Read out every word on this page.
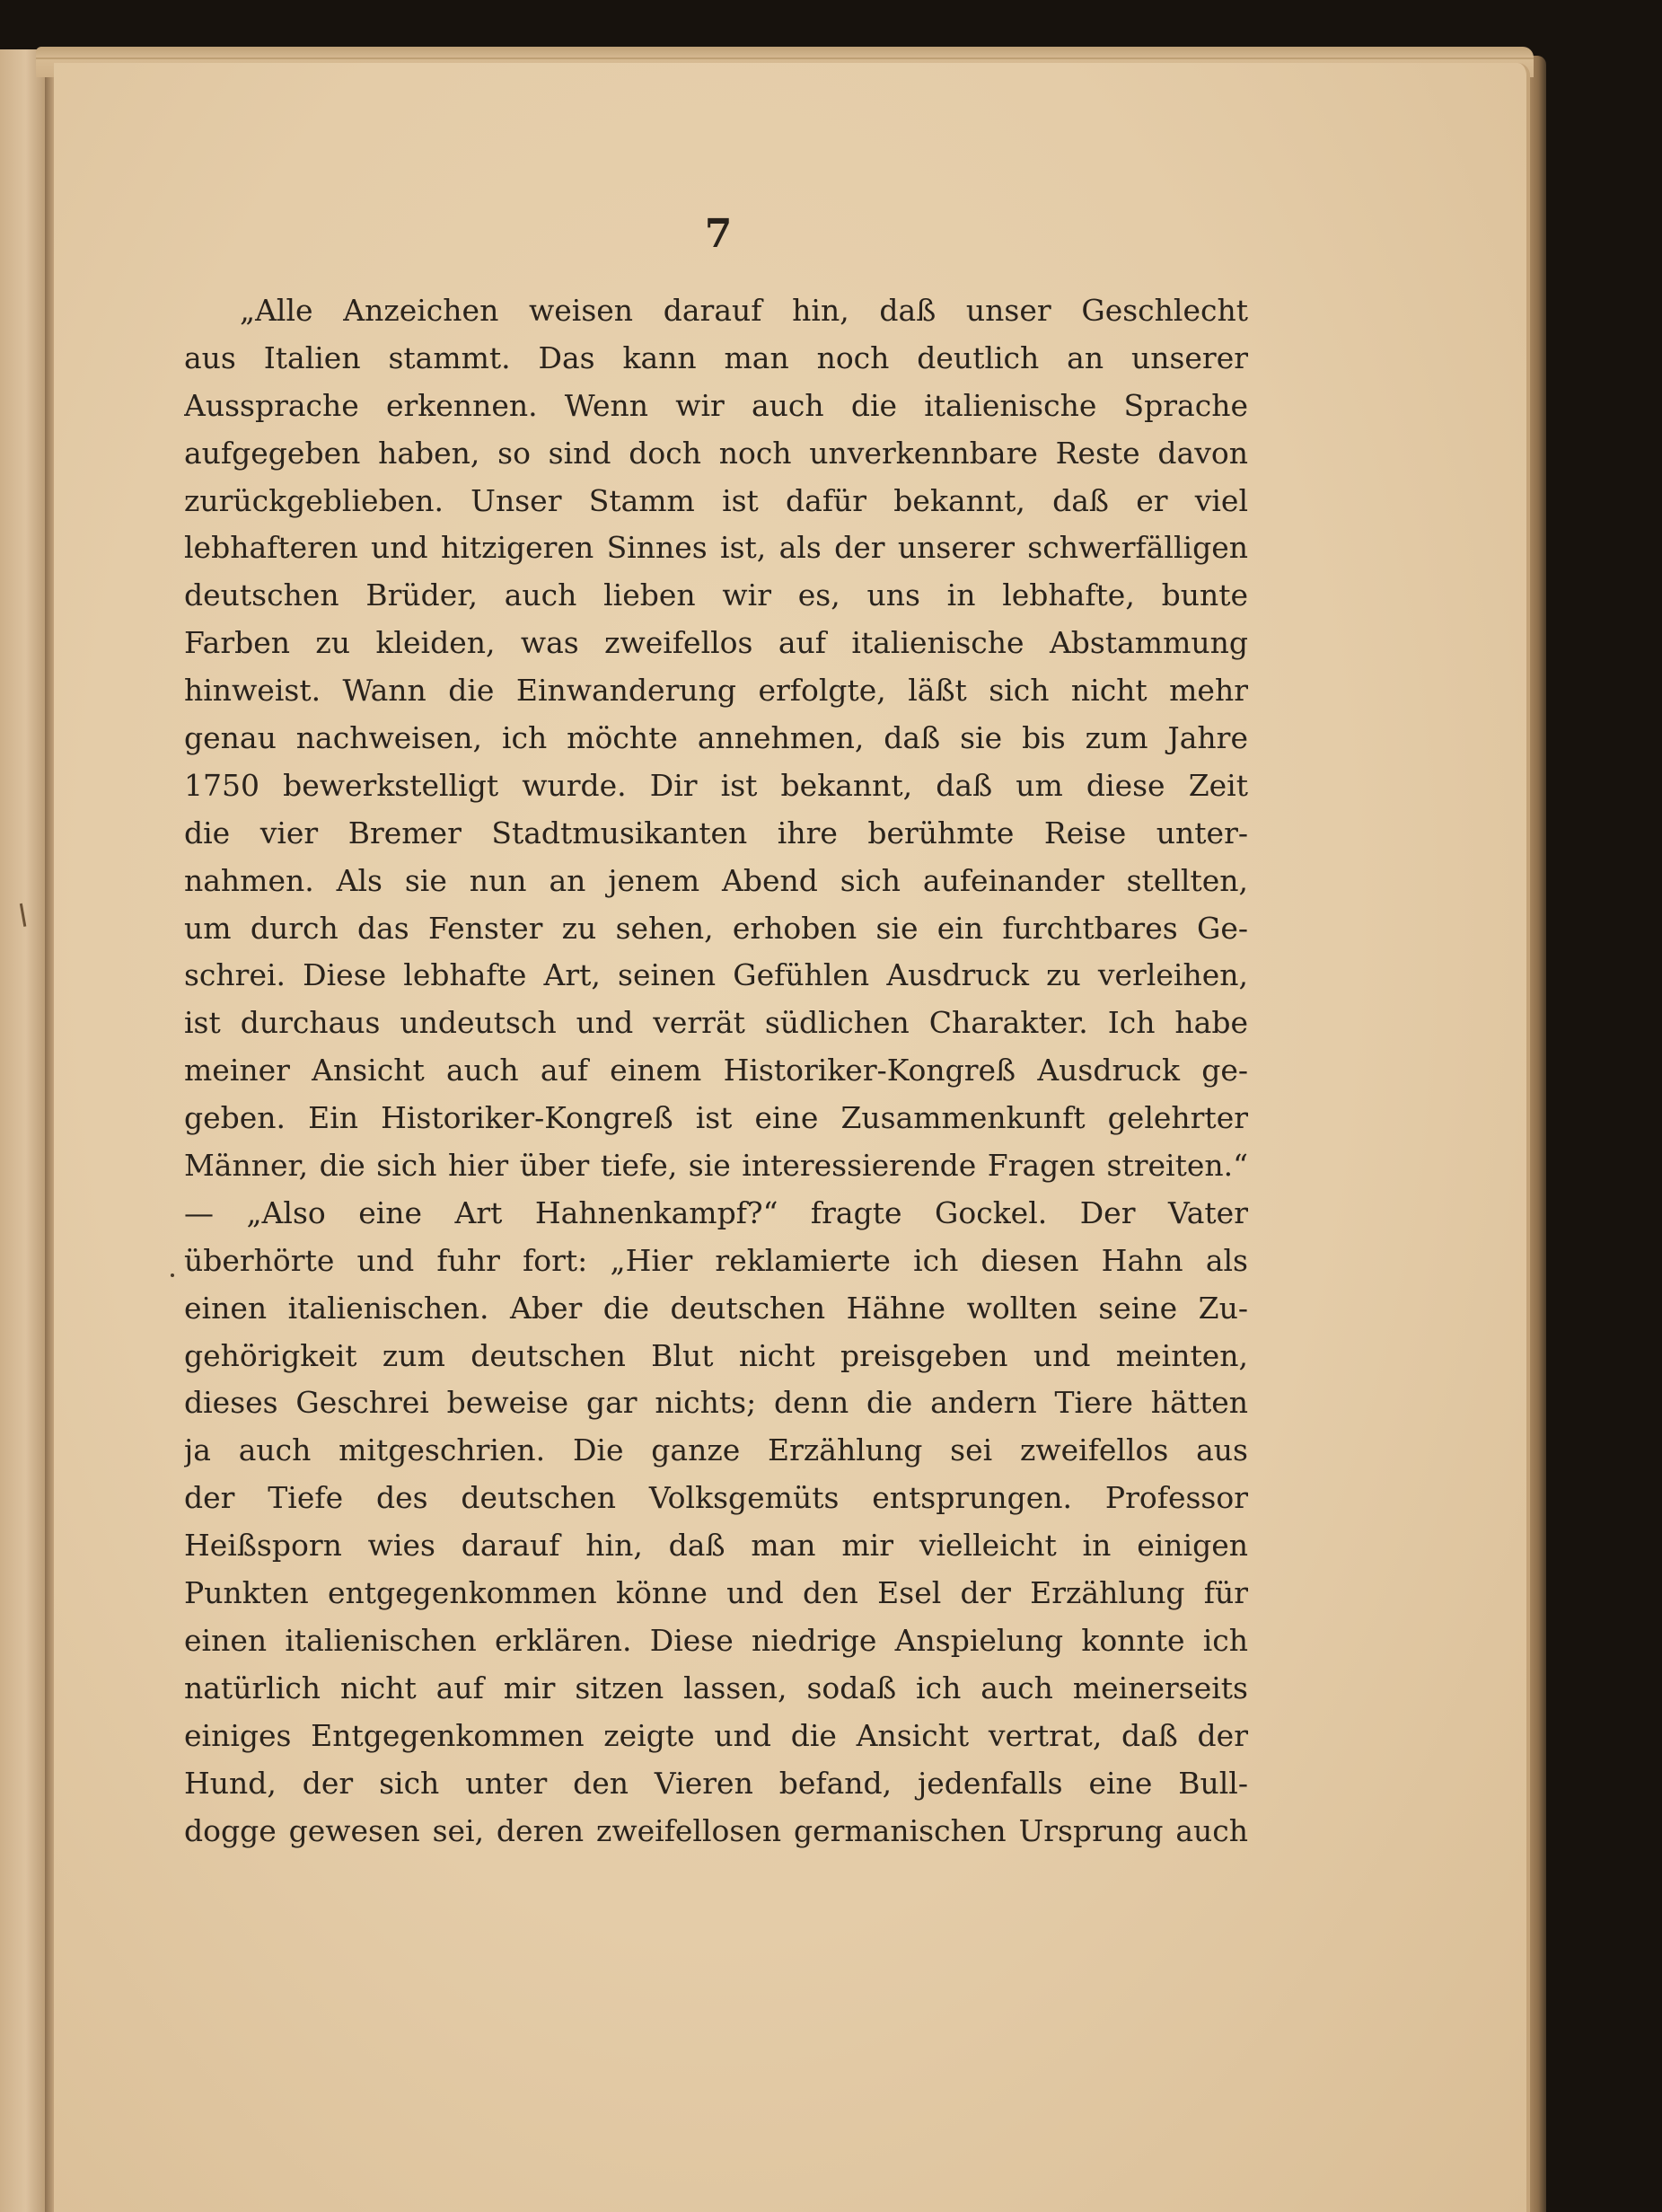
7
„Alle Anzeichen weisen darauf hin, daß unser Geschlecht
aus Italien stammt. Das kann man noch deutlich an unserer
Aussprache erkennen. Wenn wir auch die italienische Sprache
aufgegeben haben, so sind doch noch unverkennbare Reste davon
zurückgeblieben. Unser Stamm ist dafür bekannt, daß er viel
lebhafteren und hitzigeren Sinnes ist, als der unserer schwerfälligen
deutschen Brüder, auch lieben wir es, uns in lebhafte, bunte
Farben zu kleiden, was zweifellos auf italienische Abstammung
hinweist. Wann die Einwanderung erfolgte, läßt sich nicht mehr
genau nachweisen, ich möchte annehmen, daß sie bis zum Jahre
1750 bewerkstelligt wurde. Dir ist bekannt, daß um diese Zeit
die vier Bremer Stadtmusikanten ihre berühmte Reise unter-
nahmen. Als sie nun an jenem Abend sich aufeinander stellten,
um durch das Fenster zu sehen, erhoben sie ein furchtbares Ge-
schrei. Diese lebhafte Art, seinen Gefühlen Ausdruck zu verleihen,
ist durchaus undeutsch und verrät südlichen Charakter. Ich habe
meiner Ansicht auch auf einem Historiker-Kongreß Ausdruck ge-
geben. Ein Historiker-Kongreß ist eine Zusammenkunft gelehrter
Männer, die sich hier über tiefe, sie interessierende Fragen streiten.“
— „Also eine Art Hahnenkampf?“ fragte Gockel. Der Vater
überhörte und fuhr fort: „Hier reklamierte ich diesen Hahn als
einen italienischen. Aber die deutschen Hähne wollten seine Zu-
gehörigkeit zum deutschen Blut nicht preisgeben und meinten,
dieses Geschrei beweise gar nichts; denn die andern Tiere hätten
ja auch mitgeschrien. Die ganze Erzählung sei zweifellos aus
der Tiefe des deutschen Volksgemüts entsprungen. Professor
Heißsporn wies darauf hin, daß man mir vielleicht in einigen
Punkten entgegenkommen könne und den Esel der Erzählung für
einen italienischen erklären. Diese niedrige Anspielung konnte ich
natürlich nicht auf mir sitzen lassen, sodaß ich auch meinerseits
einiges Entgegenkommen zeigte und die Ansicht vertrat, daß der
Hund, der sich unter den Vieren befand, jedenfalls eine Bull-
dogge gewesen sei, deren zweifellosen germanischen Ursprung auch
